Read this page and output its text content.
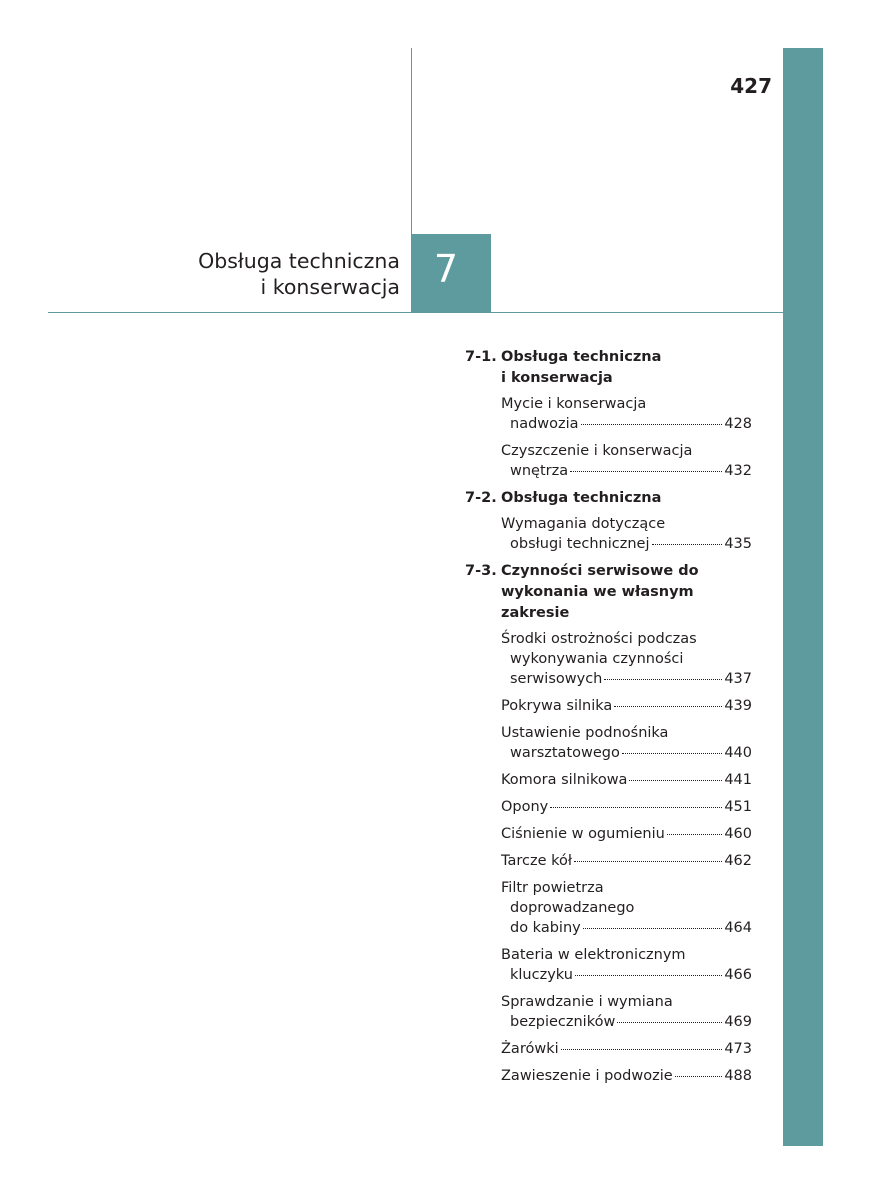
427
Obsługa techniczna
i konserwacja 7
7-1. Obsługa techniczna
i konserwacja
Mycie i konserwacja
nadwozia	428
Czyszczenie i konserwacja
wnętrza	432
7-2. Obsługa techniczna
Wymagania dotyczące
obsługi technicznej	435
7-3. Czynności serwisowe do
wykonania we własnym
zakresie
Środki ostrożności podczas
wykonywania czynności
serwisowych	437
Pokrywa silnika	439
Ustawienie podnośnika
warsztatowego	440
Komora silnikowa	441
Opony	451
Ciśnienie w ogumieniu	460
Tarcze kół	462
Filtr powietrza
doprowadzanego
do kabiny	464
Bateria w elektronicznym
kluczyku	466
Sprawdzanie i wymiana
bezpieczników	469
Żarówki	473
Zawieszenie i podwozie	488
